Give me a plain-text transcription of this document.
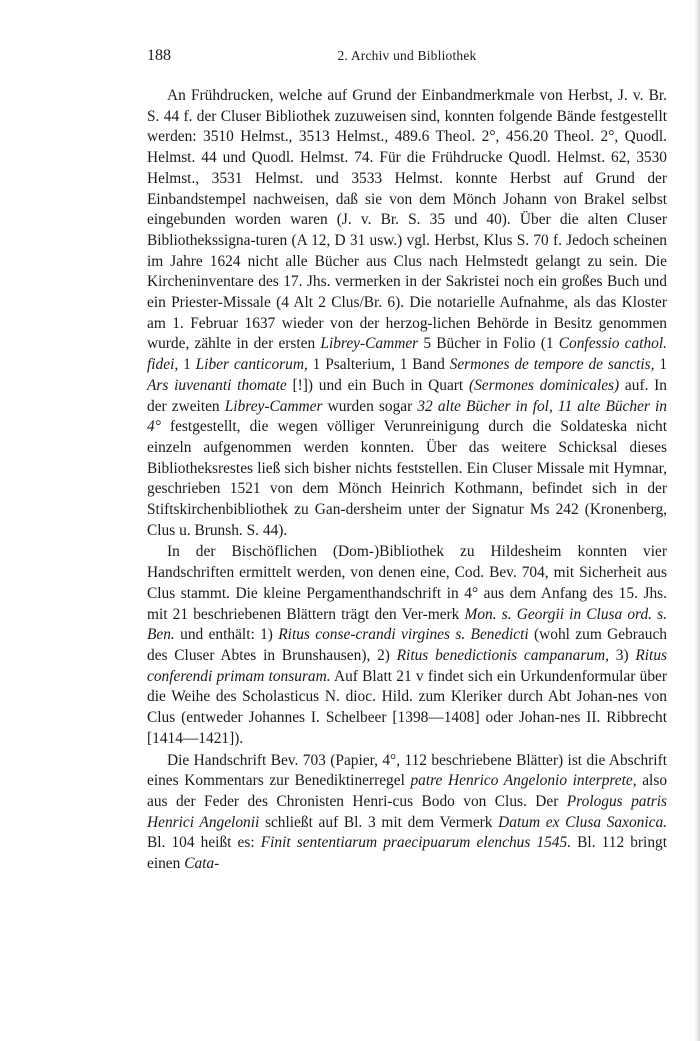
188	2. Archiv und Bibliothek

An Frühdrucken, welche auf Grund der Einbandmerkmale von Herbst, J. v. Br. S. 44 f. der Cluser Bibliothek zuzuweisen sind, konnten folgende Bände festgestellt werden: 3510 Helmst., 3513 Helmst., 489.6 Theol. 2°, 456.20 Theol. 2°, Quodl. Helmst. 44 und Quodl. Helmst. 74. Für die Frühdrucke Quodl. Helmst. 62, 3530 Helmst., 3531 Helmst. und 3533 Helmst. konnte Herbst auf Grund der Einbandstempel nachweisen, daß sie von dem Mönch Johann von Brakel selbst eingebunden worden waren (J. v. Br. S. 35 und 40). Über die alten Cluser Bibliothekssigna-turen (A 12, D 31 usw.) vgl. Herbst, Klus S. 70 f. Jedoch scheinen im Jahre 1624 nicht alle Bücher aus Clus nach Helmstedt gelangt zu sein. Die Kircheninventare des 17. Jhs. vermerken in der Sakristei noch ein großes Buch und ein Priester-Missale (4 Alt 2 Clus/Br. 6). Die notarielle Aufnahme, als das Kloster am 1. Februar 1637 wieder von der herzog-lichen Behörde in Besitz genommen wurde, zählte in der ersten Librey-Cammer 5 Bücher in Folio (1 Confessio cathol. fidei, 1 Liber canticorum, 1 Psalterium, 1 Band Sermones de tempore de sanctis, 1 Ars iuvenanti thomate [!]) und ein Buch in Quart (Sermones dominicales) auf. In der zweiten Librey-Cammer wurden sogar 32 alte Bücher in fol, 11 alte Bücher in 4° festgestellt, die wegen völliger Verunreinigung durch die Soldateska nicht einzeln aufgenommen werden konnten. Über das weitere Schicksal dieses Bibliotheksrestes ließ sich bisher nichts feststellen. Ein Cluser Missale mit Hymnar, geschrieben 1521 von dem Mönch Heinrich Kothmann, befindet sich in der Stiftskirchenbibliothek zu Gan-dersheim unter der Signatur Ms 242 (Kronenberg, Clus u. Brunsh. S. 44).

In der Bischöflichen (Dom-)Bibliothek zu Hildesheim konnten vier Handschriften ermittelt werden, von denen eine, Cod. Bev. 704, mit Sicherheit aus Clus stammt. Die kleine Pergamenthandschrift in 4° aus dem Anfang des 15. Jhs. mit 21 beschriebenen Blättern trägt den Ver-merk Mon. s. Georgii in Clusa ord. s. Ben. und enthält: 1) Ritus conse-crandi virgines s. Benedicti (wohl zum Gebrauch des Cluser Abtes in Brunshausen), 2) Ritus benedictionis campanarum, 3) Ritus conferendi primam tonsuram. Auf Blatt 21 v findet sich ein Urkundenformular über die Weihe des Scholasticus N. dioc. Hild. zum Kleriker durch Abt Johan-nes von Clus (entweder Johannes I. Schelbeer [1398—1408] oder Johan-nes II. Ribbrecht [1414—1421]).

Die Handschrift Bev. 703 (Papier, 4°, 112 beschriebene Blätter) ist die Abschrift eines Kommentars zur Benediktinerregel patre Henrico Angelonio interprete, also aus der Feder des Chronisten Henri-cus Bodo von Clus. Der Prologus patris Henrici Angelonii schließt auf Bl. 3 mit dem Vermerk Datum ex Clusa Saxonica. Bl. 104 heißt es: Finit sententiarum praecipuarum elenchus 1545. Bl. 112 bringt einen Cata-
